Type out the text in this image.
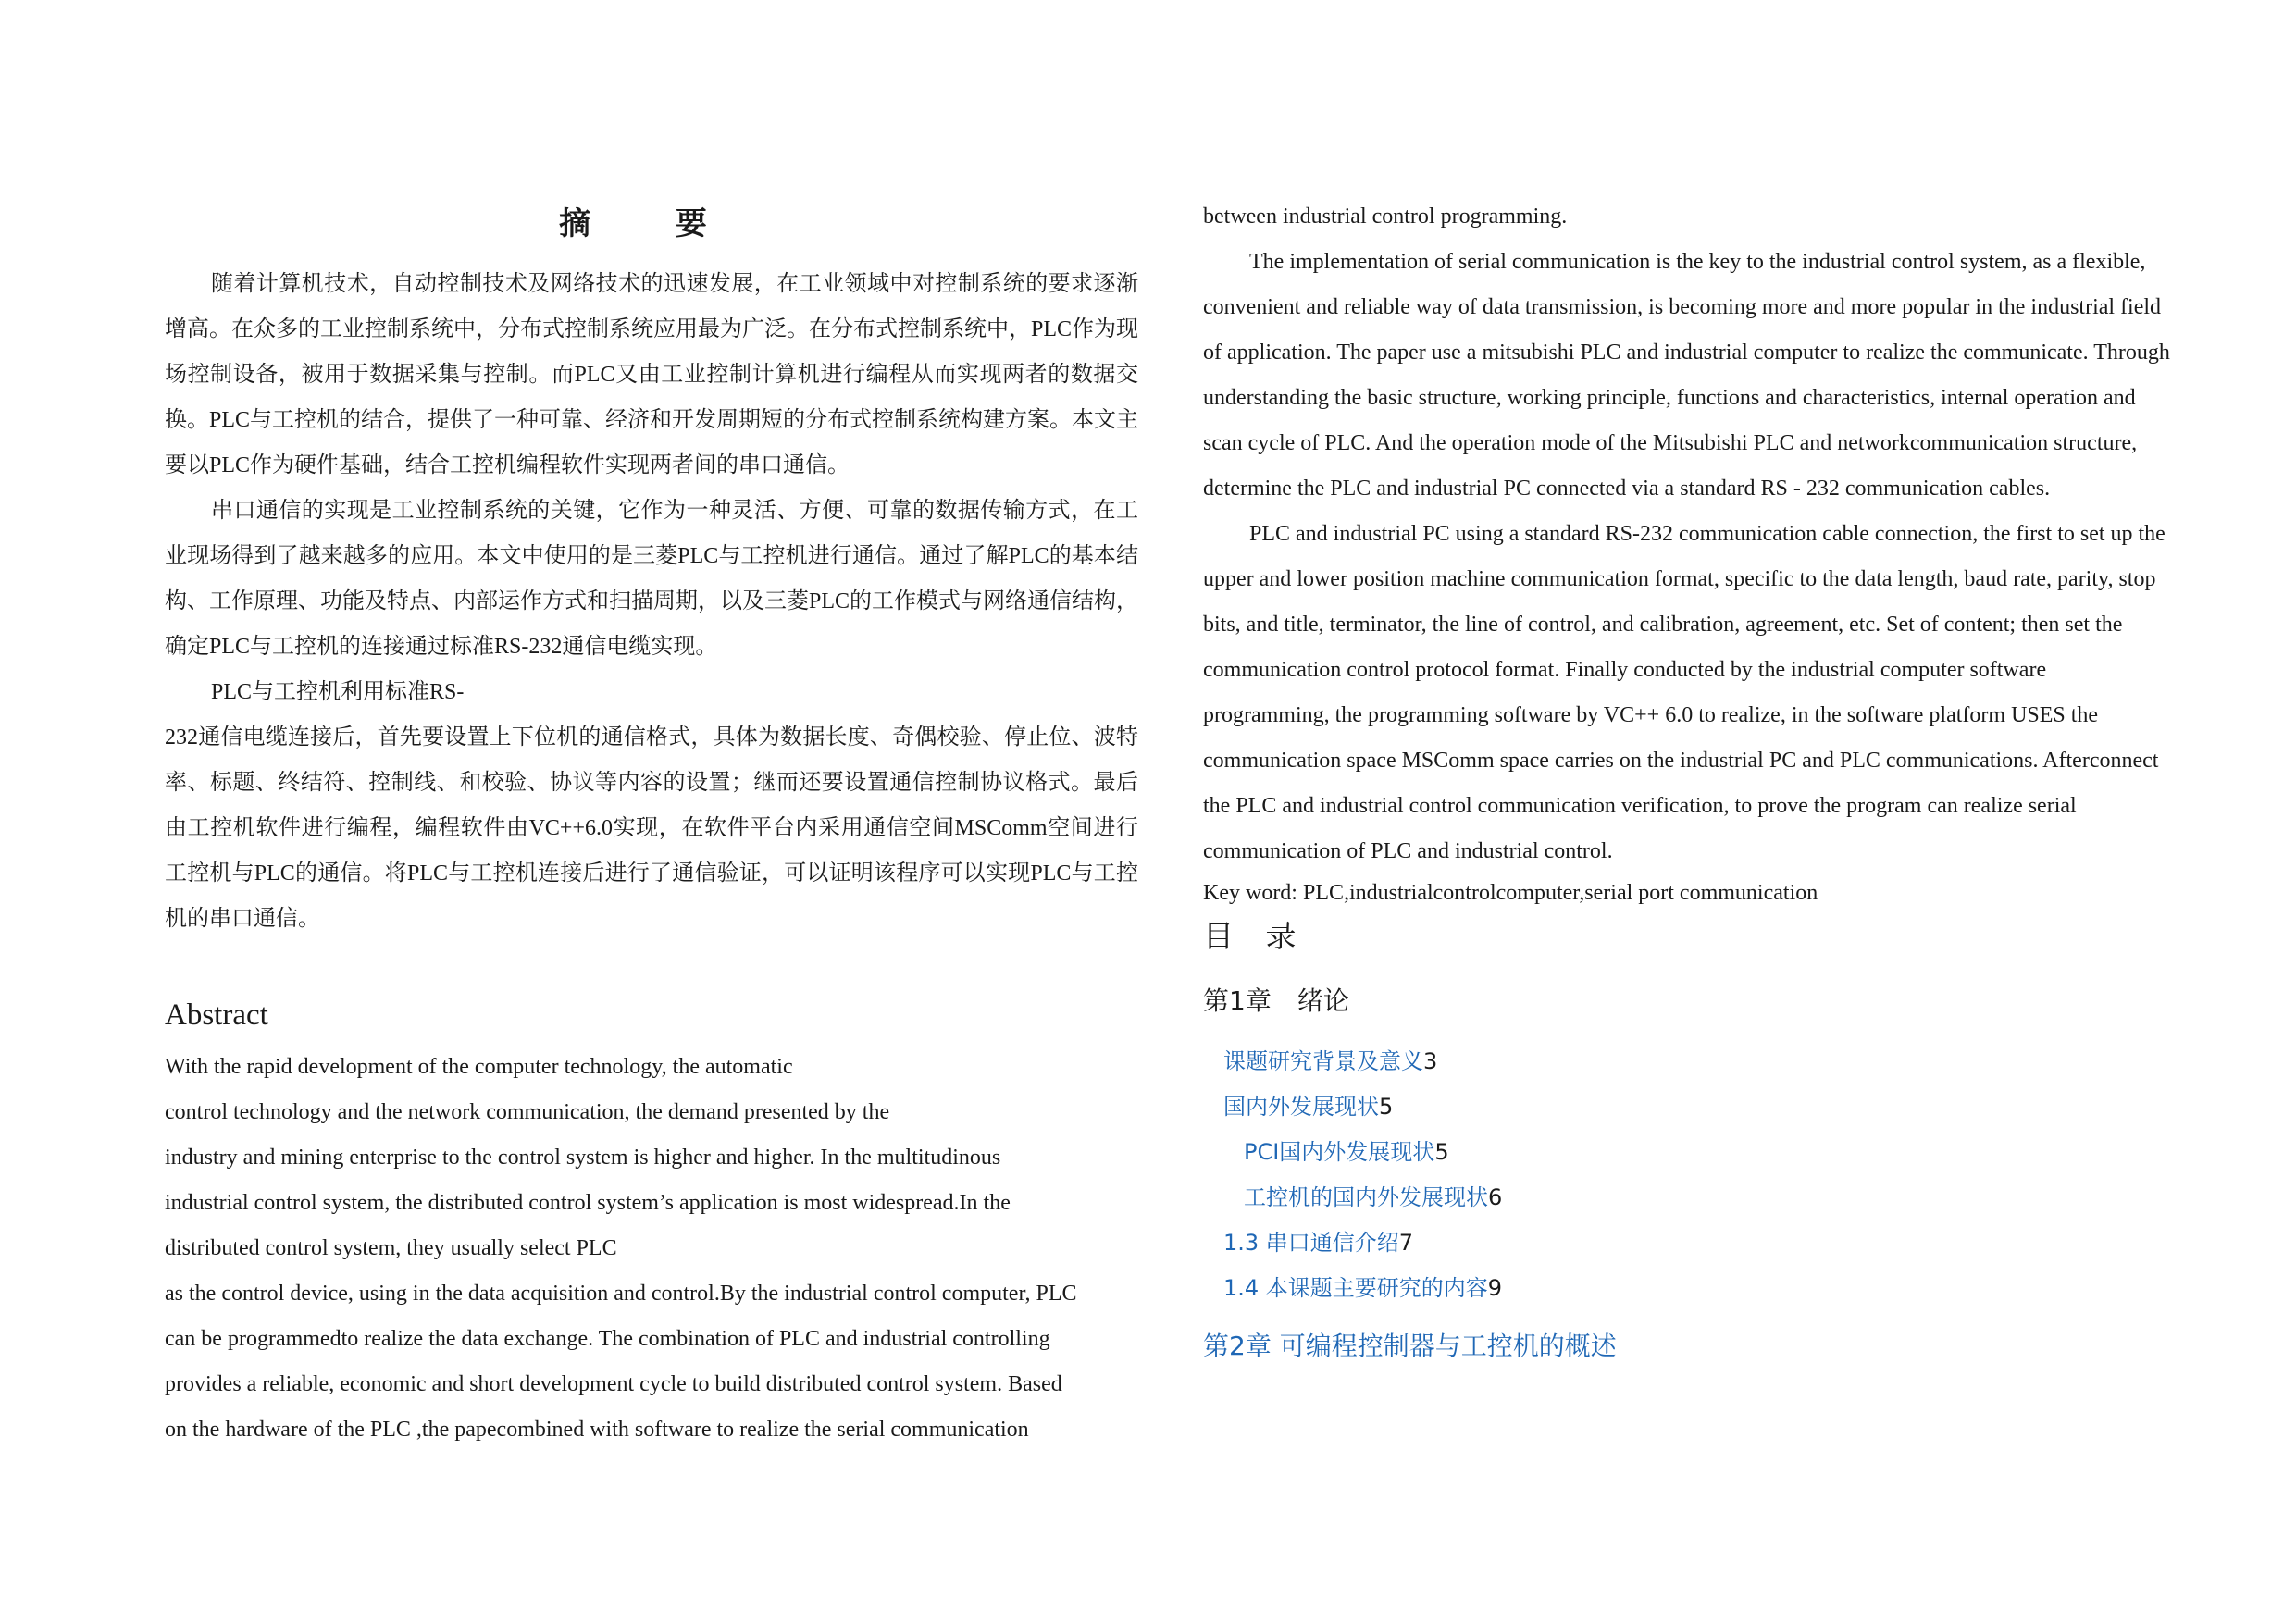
摘 要

随着计算机技术，自动控制技术及网络技术的迅速发展，在工业领域中对控制系统的要求逐渐增高。在众多的工业控制系统中，分布式控制系统应用最为广泛。在分布式控制系统中，PLC作为现场控制设备，被用于数据采集与控制。而PLC又由工业控制计算机进行编程从而实现两者的数据交换。PLC与工控机的结合，提供了一种可靠、经济和开发周期短的分布式控制系统构建方案。本文主要以PLC作为硬件基础，结合工控机编程软件实现两者间的串口通信。

串口通信的实现是工业控制系统的关键，它作为一种灵活、方便、可靠的数据传输方式，在工业现场得到了越来越多的应用。本文中使用的是三菱PLC与工控机进行通信。通过了解PLC的基本结构、工作原理、功能及特点、内部运作方式和扫描周期，以及三菱PLC的工作模式与网络通信结构，确定PLC与工控机的连接通过标准RS-232通信电缆实现。

PLC与工控机利用标准RS-

232通信电缆连接后，首先要设置上下位机的通信格式，具体为数据长度、奇偶校验、停止位、波特率、标题、终结符、控制线、和校验、协议等内容的设置；继而还要设置通信控制协议格式。最后由工控机软件进行编程，编程软件由VC++6.0实现，在软件平台内采用通信空间MSComm空间进行工控机与PLC的通信。将PLC与工控机连接后进行了通信验证，可以证明该程序可以实现PLC与工控机的串口通信。

Abstract

With the rapid development of the computer technology, the automatic

control technology and the network communication, the demand presented by the

industry and mining enterprise to the control system is higher and higher. In the multitudinous

industrial control system, the distributed control system’s application is most widespread.In the

distributed control system, they usually select PLC

as the control device, using in the data acquisition and control.By the industrial control computer, PLC

can be programmedto realize the data exchange. The combination of PLC and industrial controlling

provides a reliable, economic and short development cycle to build distributed control system. Based

on the hardware of the PLC ,the papecombined with software to realize the serial communication

between industrial control programming.

The implementation of serial communication is the key to the industrial control system, as a flexible, convenient and reliable way of data transmission, is becoming more and more popular in the industrial field of application. The paper use a mitsubishi PLC and industrial computer to realize the communicate. Through understanding the basic structure, working principle, functions and characteristics, internal operation and scan cycle of PLC. And the operation mode of the Mitsubishi PLC and networkcommunication structure, determine the PLC and industrial PC connected via a standard RS - 232 communication cables.

PLC and industrial PC using a standard RS-232 communication cable connection, the first to set up the upper and lower position machine communication format, specific to the data length, baud rate, parity, stop bits, and title, terminator, the line of control, and calibration, agreement, etc. Set of content; then set the communication control protocol format. Finally conducted by the industrial computer software programming, the programming software by VC++ 6.0 to realize, in the software platform USES the communication space MSComm space carries on the industrial PC and PLC communications. Afterconnect the PLC and industrial control communication verification, to prove the program can realize serial communication of PLC and industrial control.

Key word: PLC,industrialcontrolcomputer,serial port communication

目 录
第1章　绪论
课题研究背景及意义3
国内外发展现状5
PCI国内外发展现状5
工控机的国内外发展现状6
1.3 串口通信介绍7
1.4 本课题主要研究的内容9
第2章 可编程控制器与工控机的概述
